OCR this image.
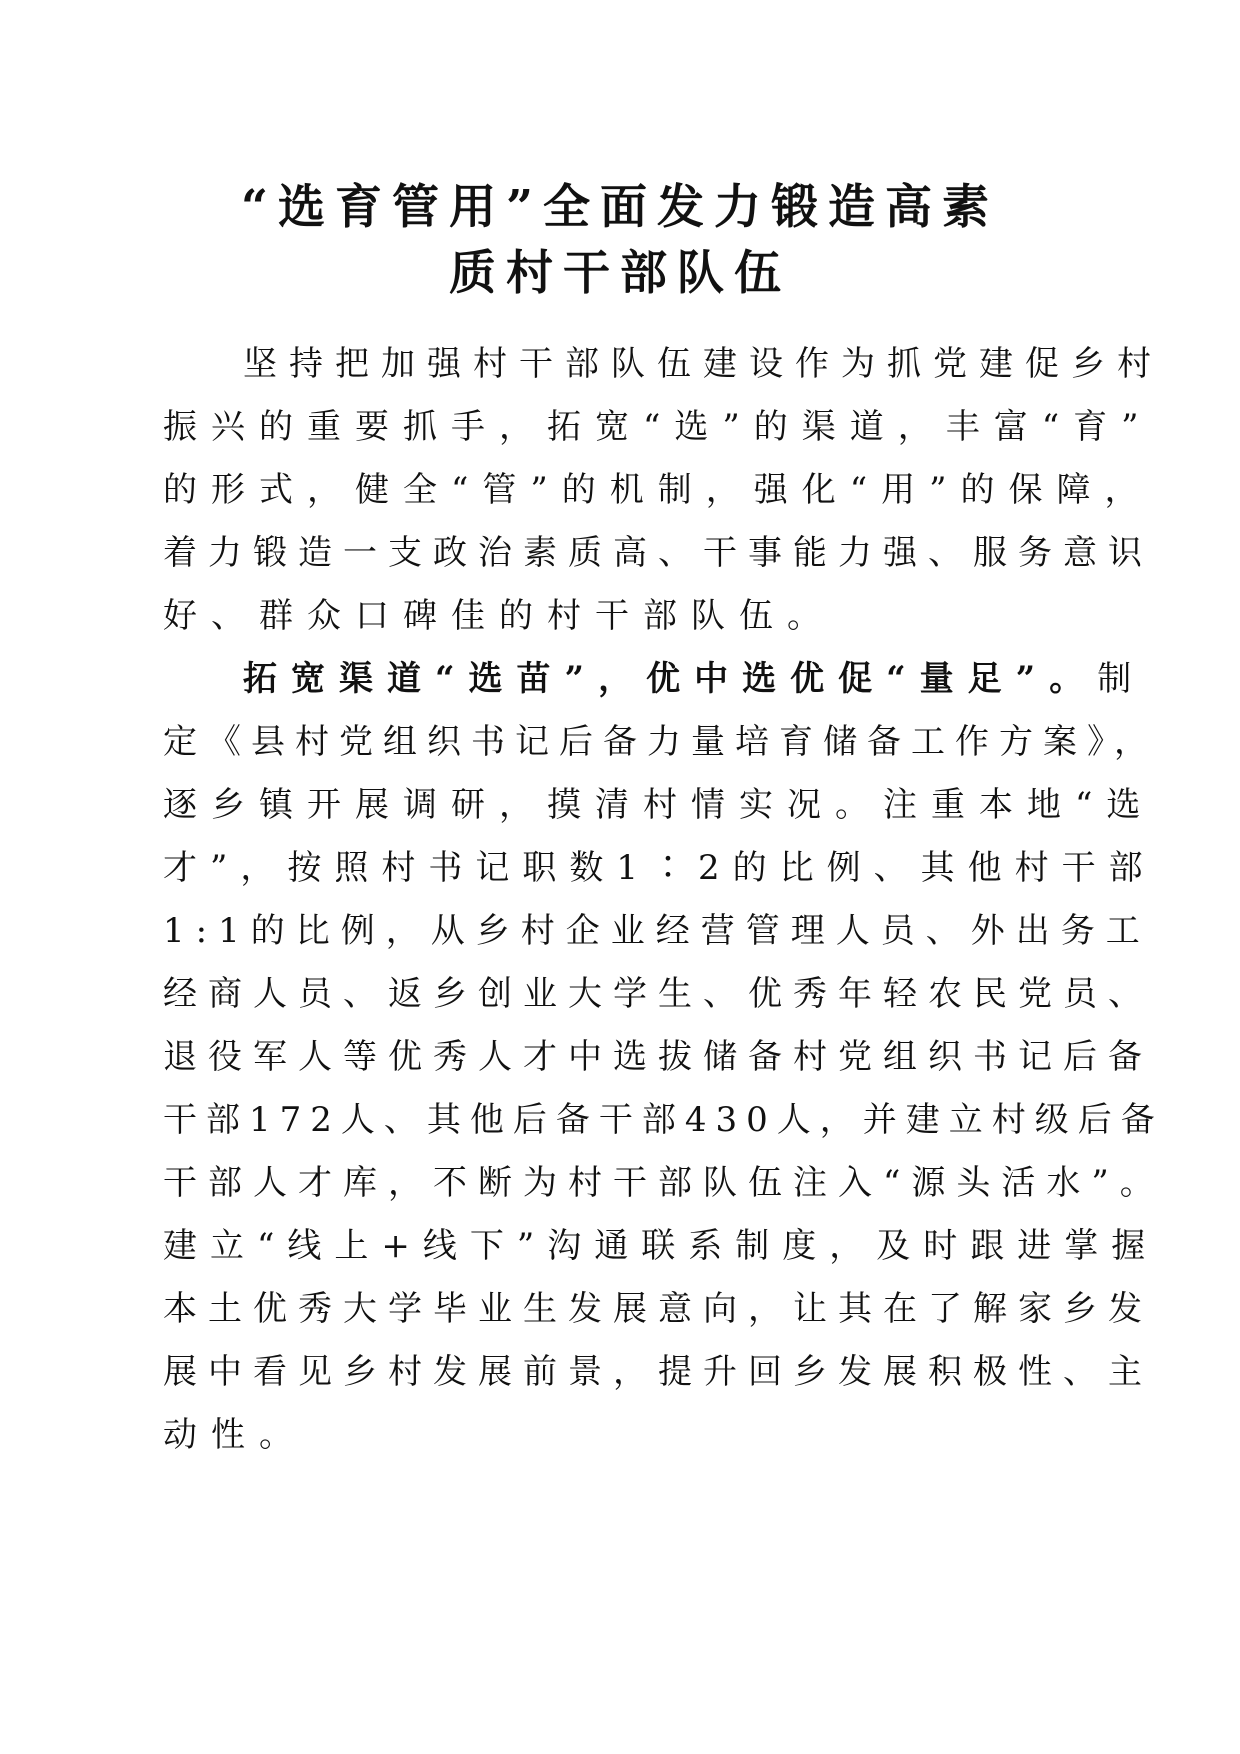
“选育管用”全面发力锻造高素
质村干部队伍
坚持把加强村干部队伍建设作为抓党建促乡村
振兴的重要抓手，拓宽“选”的渠道，丰富“育”
的形式，健全“管”的机制，强化“用”的保障，
着力锻造一支政治素质高、干事能力强、服务意识
好、群众口碑佳的村干部队伍。
拓宽渠道“选苗”，优中选优促“量足”。制
定《县村党组织书记后备力量培育储备工作方案》，
逐乡镇开展调研，摸清村情实况。注重本地“选
才”，按照村书记职数1∶2的比例、其他村干部
1:1的比例，从乡村企业经营管理人员、外出务工
经商人员、返乡创业大学生、优秀年轻农民党员、
退役军人等优秀人才中选拔储备村党组织书记后备
干部172人、其他后备干部430人，并建立村级后备
干部人才库，不断为村干部队伍注入“源头活水”。
建立“线上+线下”沟通联系制度，及时跟进掌握
本土优秀大学毕业生发展意向，让其在了解家乡发
展中看见乡村发展前景，提升回乡发展积极性、主
动性。
